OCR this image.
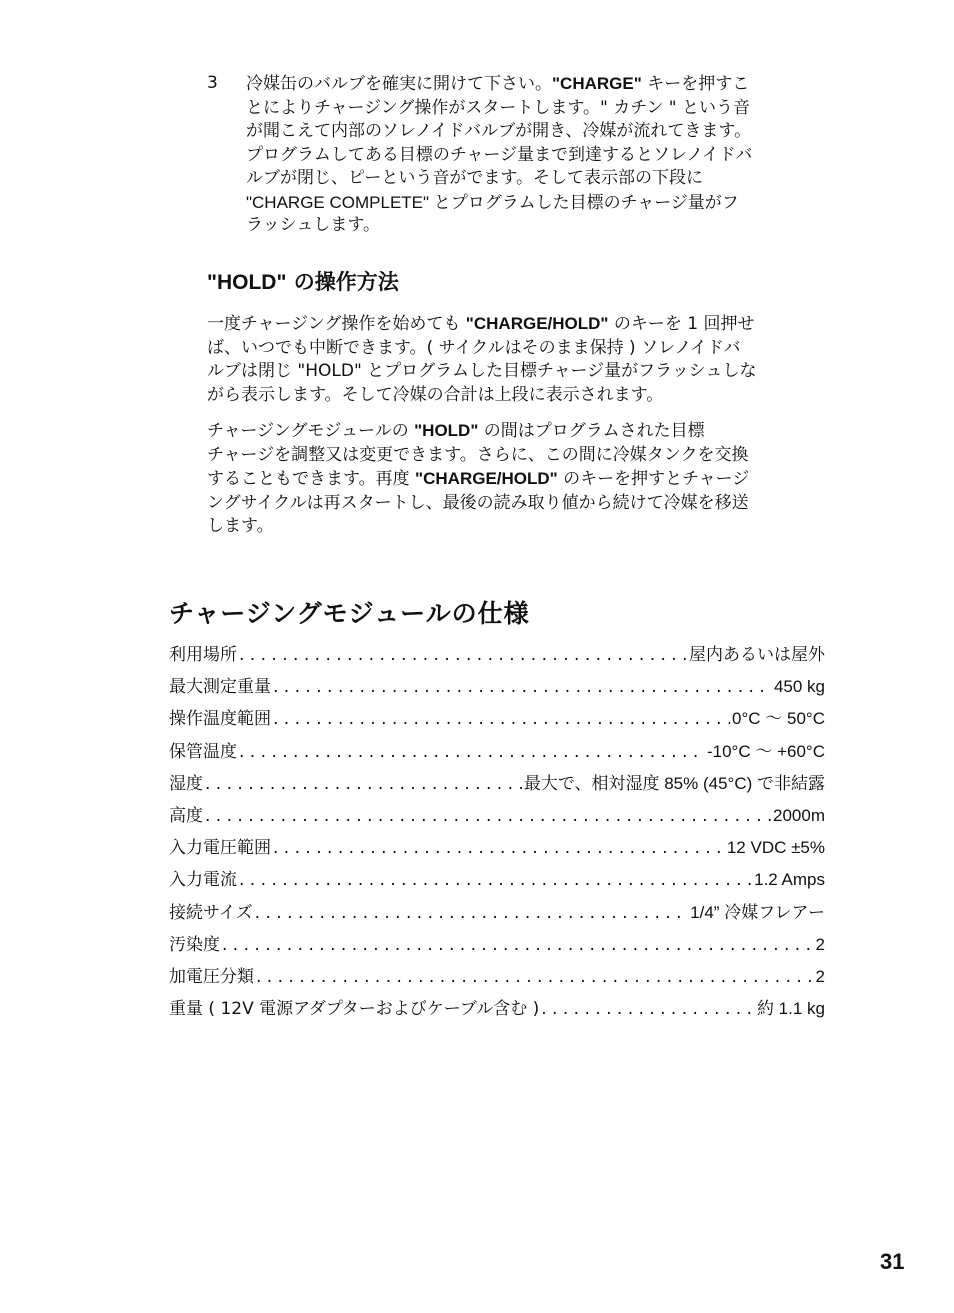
3 冷媒缶のバルブを確実に開けて下さい。"CHARGE" キーを押すこ
とによりチャージング操作がスタートします。" カチン " という音
が聞こえて内部のソレノイドバルブが開き、冷媒が流れてきます。
プログラムしてある目標のチャージ量まで到達するとソレノイドバ
ルブが閉じ、ピーという音がでます。そして表示部の下段に
"CHARGE COMPLETE" とプログラムした目標のチャージ量がフ
ラッシュします。
"HOLD" の操作方法
一度チャージング操作を始めても "CHARGE/HOLD" のキーを 1 回押せ
ば、いつでも中断できます。( サイクルはそのまま保持 ) ソレノイドバ
ルブは閉じ "HOLD" とプログラムした目標チャージ量がフラッシュしな
がら表示します。そして冷媒の合計は上段に表示されます。
チャージングモジュールの "HOLD" の間はプログラムされた目標
チャージを調整又は変更できます。さらに、この間に冷媒タンクを交換
することもできます。再度 "CHARGE/HOLD" のキーを押すとチャージ
ングサイクルは再スタートし、最後の読み取り値から続けて冷媒を移送
します。
チャージングモジュールの仕様
利用場所 . . .	屋内あるいは屋外
最大測定重量 . . .	450 kg
操作温度範囲 . . .	0°C ～ 50°C
保管温度 . . .	-10°C ～ +60°C
湿度 . . .	最大で、相対湿度 85% (45°C) で非結露
高度 . . .	2000m
入力電圧範囲 . . .	12 VDC ±5%
入力電流 . . .	1.2 Amps
接続サイズ . . .	1/4” 冷媒フレアー
汚染度 . . .	2
加電圧分類 . . .	2
重量 ( 12V 電源アダプターおよびケーブル含む ) . . .	約 1.1 kg
31
